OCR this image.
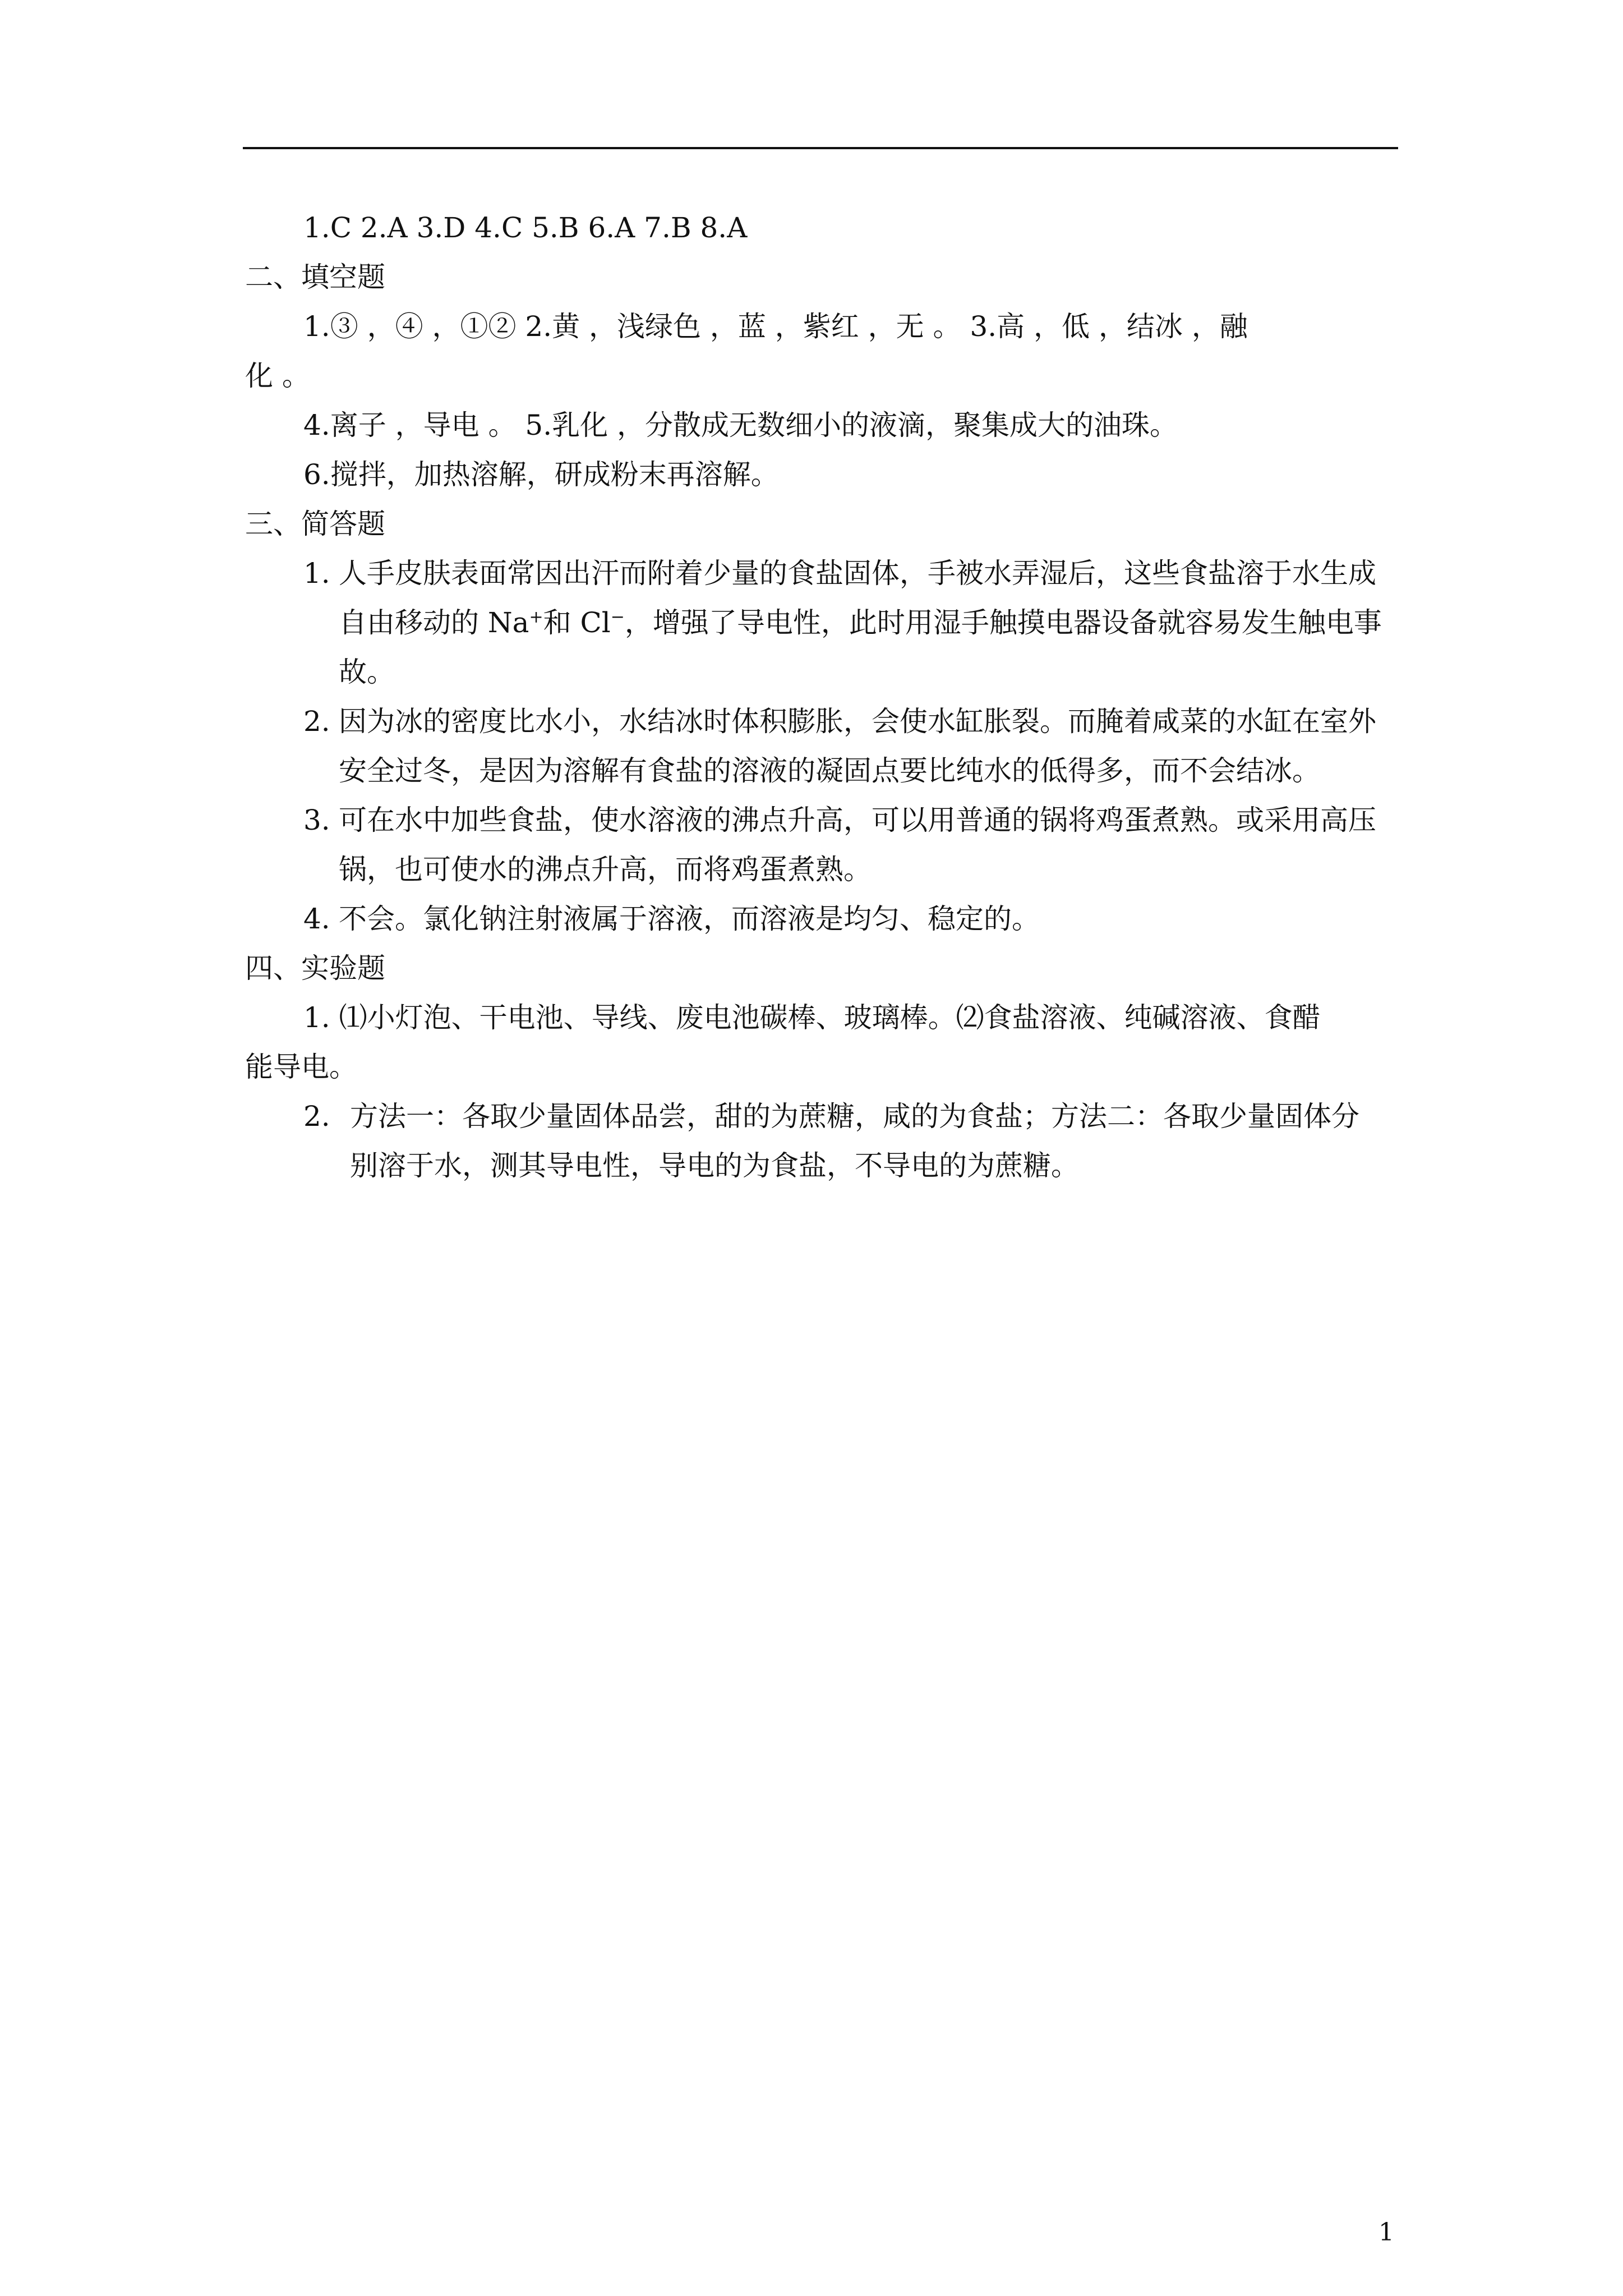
1.C 2.A 3.D 4.C 5.B 6.A 7.B 8.A
二、填空题
1.③ ，④ ，①② 2.黄 ，浅绿色 ，蓝 ，紫红 ，无 。 3.高 ，低 ，结冰 ，融
化 。
4.离子 ，导电 。 5.乳化 ，分散成无数细小的液滴，聚集成大的油珠。
6.搅拌，加热溶解，研成粉末再溶解。
三、简答题
1. 人手皮肤表面常因出汗而附着少量的食盐固体，手被水弄湿后，这些食盐溶于水生成
自由移动的 Na+和 Cl−，增强了导电性，此时用湿手触摸电器设备就容易发生触电事
故。
2. 因为冰的密度比水小，水结冰时体积膨胀，会使水缸胀裂。而腌着咸菜的水缸在室外
安全过冬，是因为溶解有食盐的溶液的凝固点要比纯水的低得多，而不会结冰。
3. 可在水中加些食盐，使水溶液的沸点升高，可以用普通的锅将鸡蛋煮熟。或采用高压
锅，也可使水的沸点升高，而将鸡蛋煮熟。
4. 不会。氯化钠注射液属于溶液，而溶液是均匀、稳定的。
四、实验题
1. ⑴小灯泡、干电池、导线、废电池碳棒、玻璃棒。⑵食盐溶液、纯碱溶液、食醋
能导电。
2. 方法一：各取少量固体品尝，甜的为蔗糖，咸的为食盐；方法二：各取少量固体分
别溶于水，测其导电性，导电的为食盐，不导电的为蔗糖。
1
